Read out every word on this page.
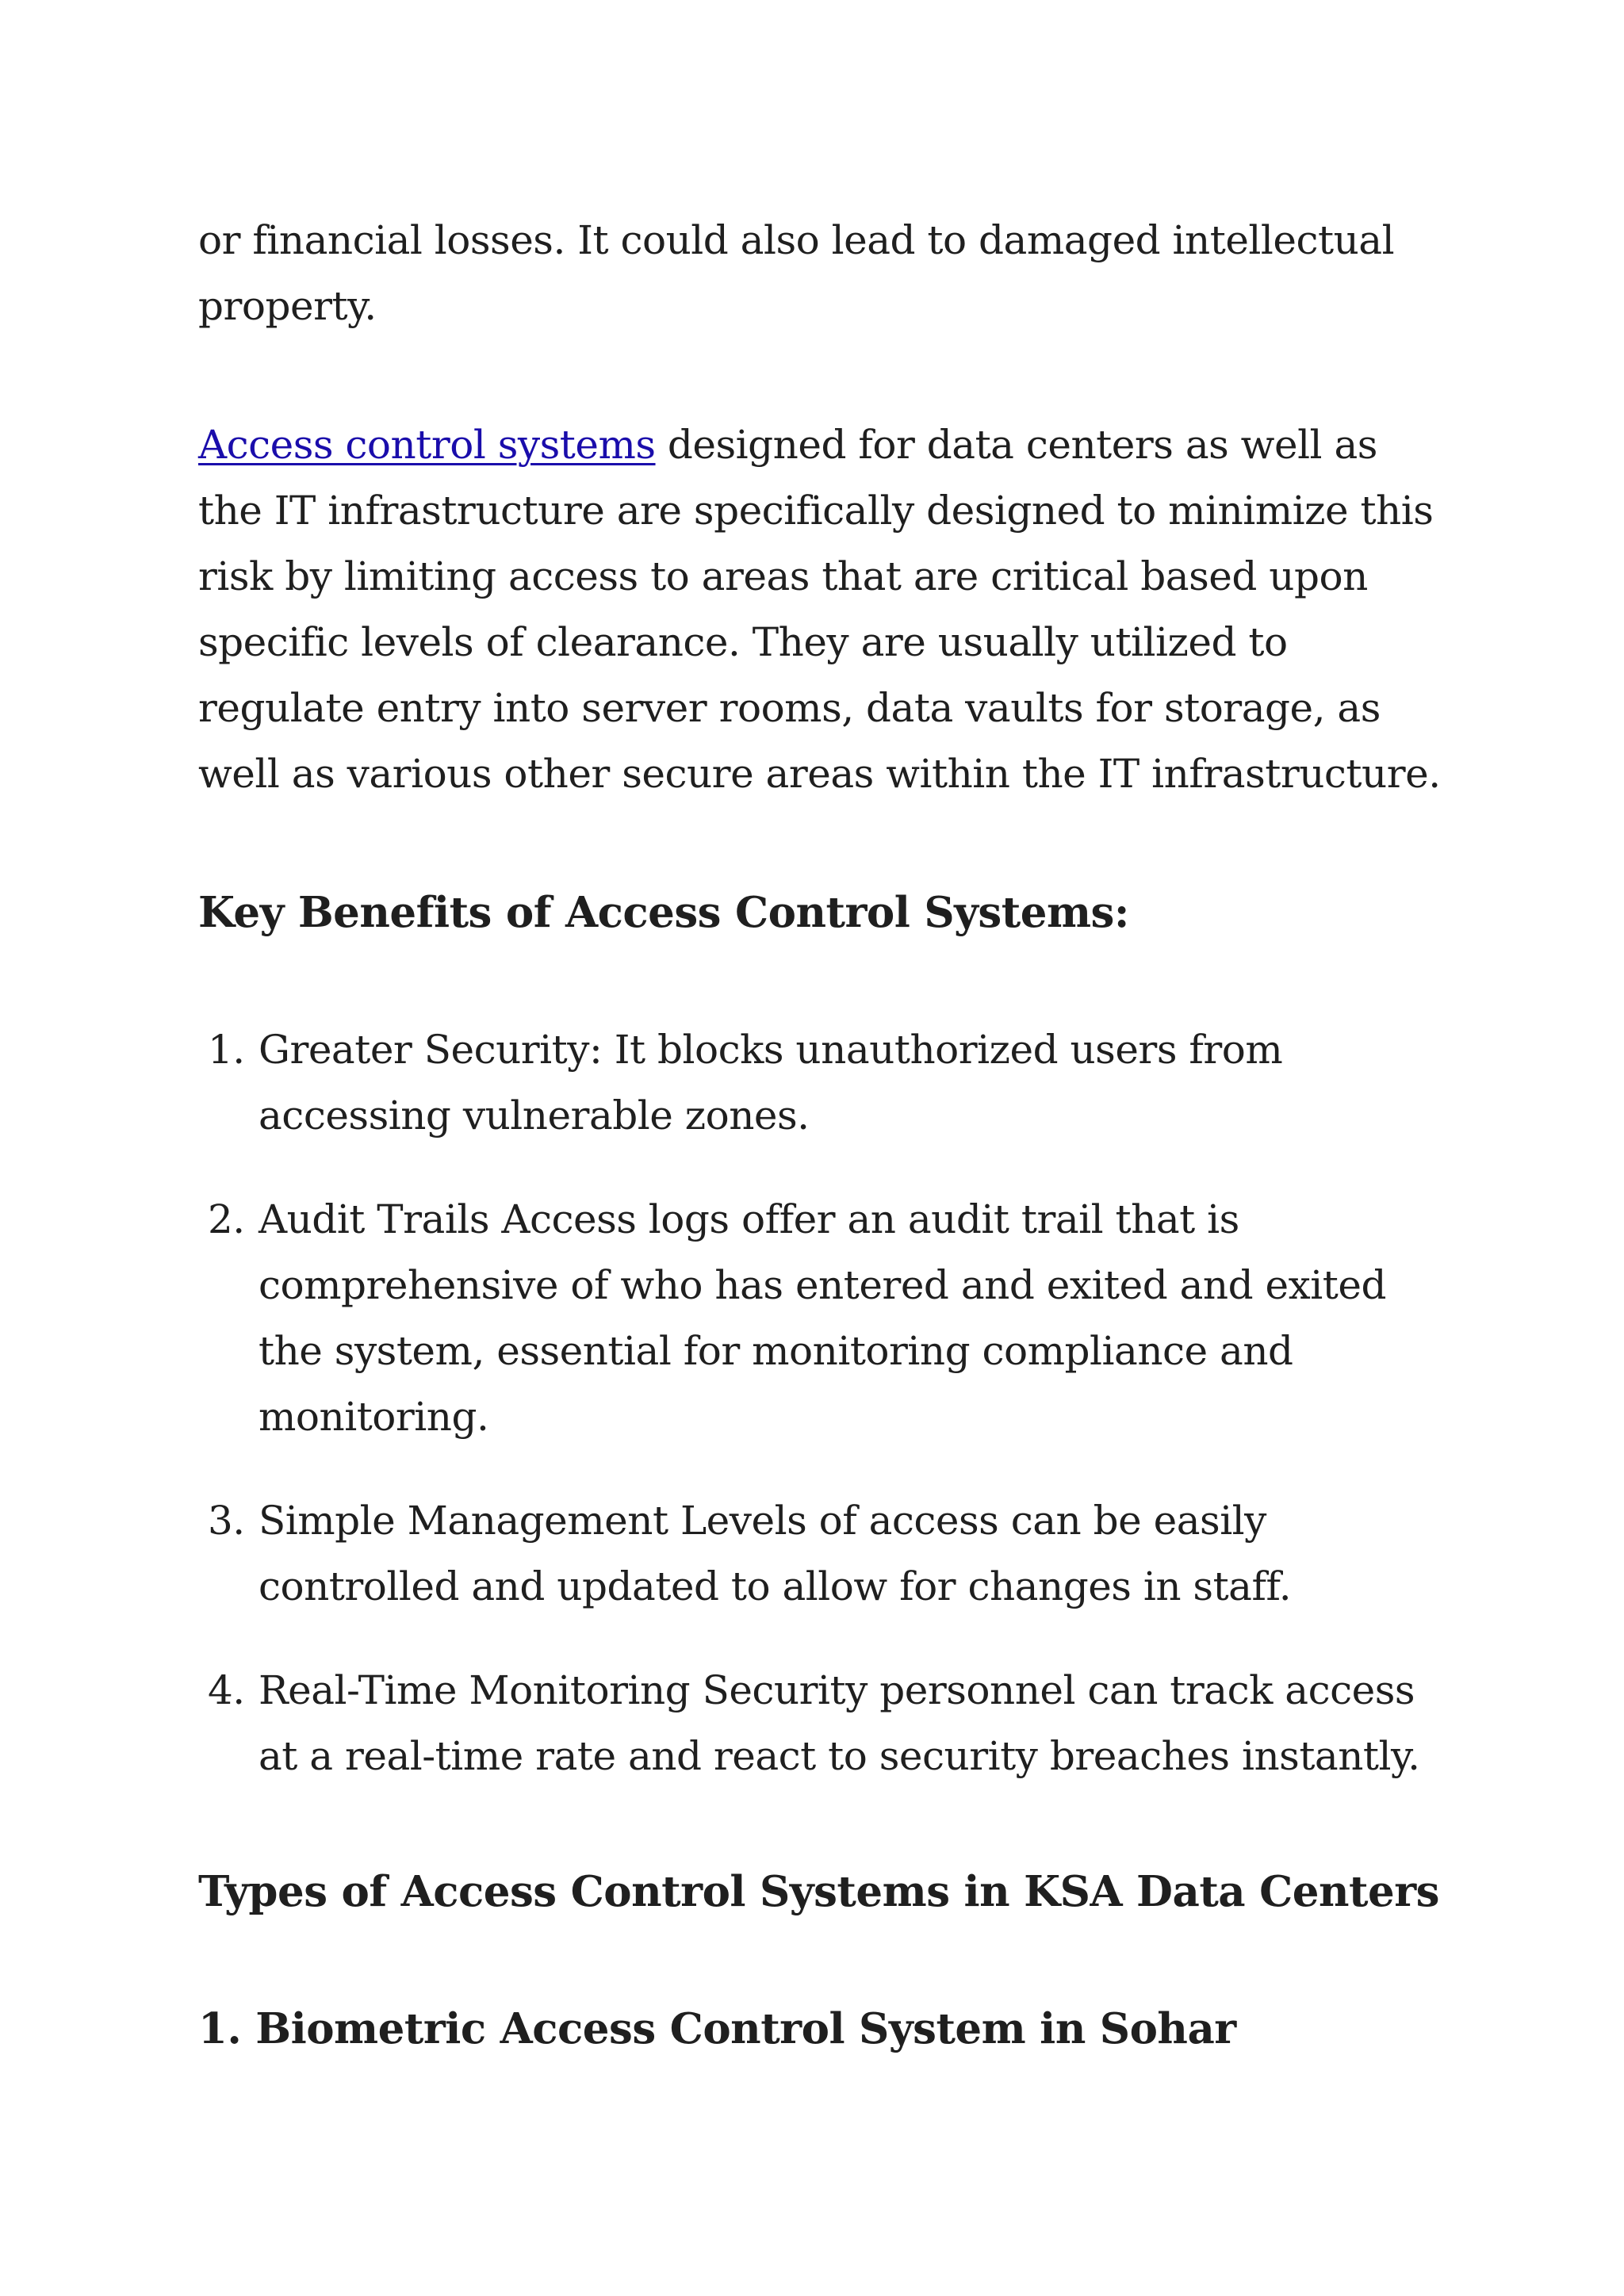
or financial losses. It could also lead to damaged intellectual property.

Access control systems designed for data centers as well as the IT infrastructure are specifically designed to minimize this risk by limiting access to areas that are critical based upon specific levels of clearance. They are usually utilized to regulate entry into server rooms, data vaults for storage, as well as various other secure areas within the IT infrastructure.

Key Benefits of Access Control Systems:
1. Greater Security: It blocks unauthorized users from accessing vulnerable zones.
2. Audit Trails Access logs offer an audit trail that is comprehensive of who has entered and exited and exited the system, essential for monitoring compliance and monitoring.
3. Simple Management Levels of access can be easily controlled and updated to allow for changes in staff.
4. Real-Time Monitoring Security personnel can track access at a real-time rate and react to security breaches instantly.
Types of Access Control Systems in KSA Data Centers
1. Biometric Access Control System in Sohar
